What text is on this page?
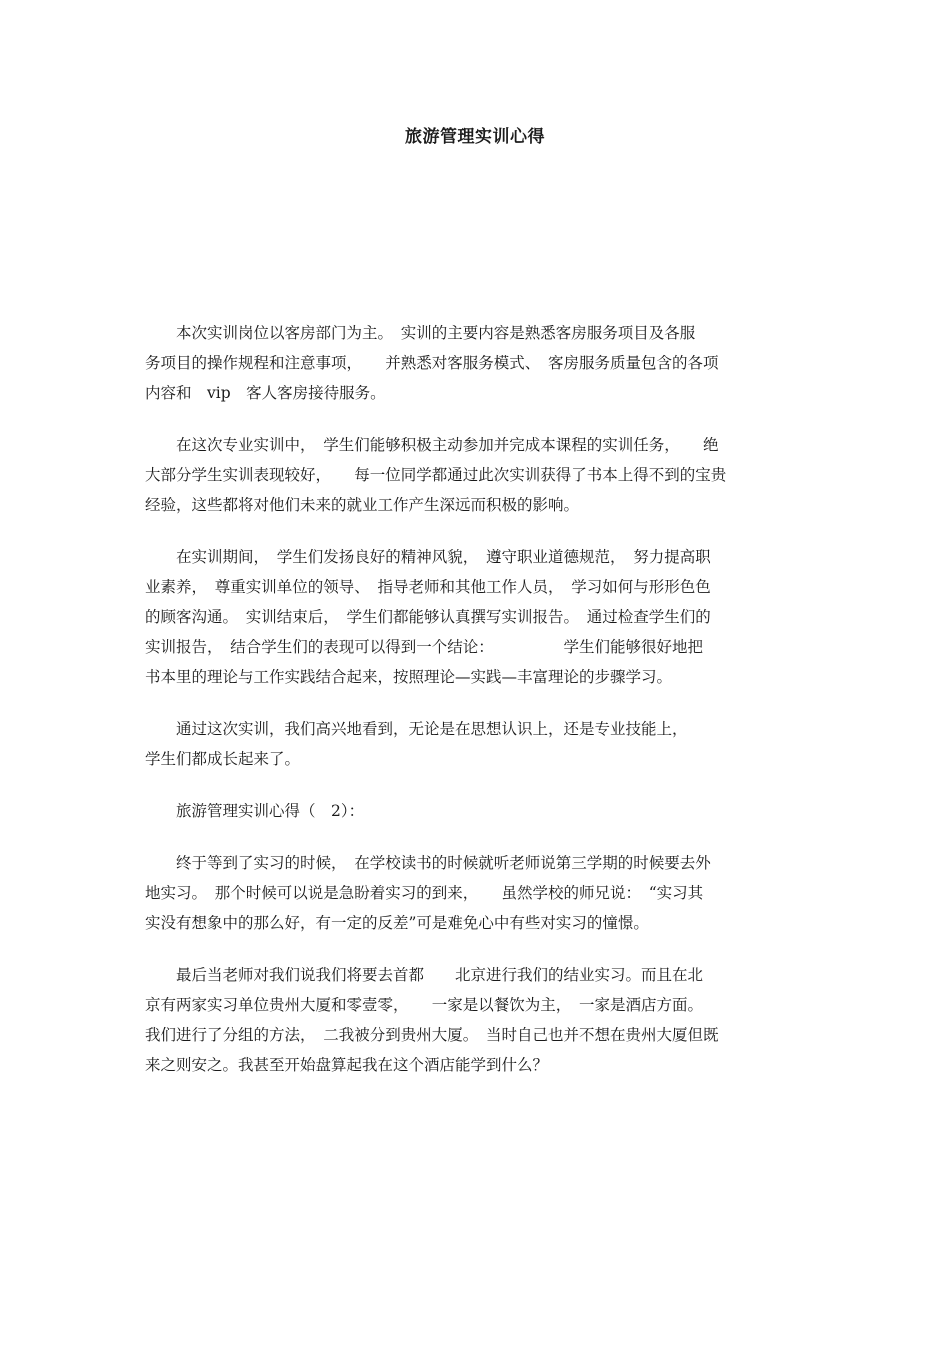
旅游管理实训心得
　　本次实训岗位以客房部门为主。　实训的主要内容是熟悉客房服务项目及各服
务项目的操作规程和注意事项，　　并熟悉对客服务模式、　客房服务质量包含的各项
内容和　vip　客人客房接待服务。
　　在这次专业实训中，　学生们能够积极主动参加并完成本课程的实训任务，　　绝
大部分学生实训表现较好，　　每一位同学都通过此次实训获得了书本上得不到的宝贵
经验，这些都将对他们未来的就业工作产生深远而积极的影响。
　　在实训期间，　学生们发扬良好的精神风貌，　遵守职业道德规范，　努力提高职
业素养，　尊重实训单位的领导、　指导老师和其他工作人员，　学习如何与形形色色
的顾客沟通。　实训结束后，　学生们都能够认真撰写实训报告。　通过检查学生们的
实训报告，　结合学生们的表现可以得到一个结论：　　　　　学生们能够很好地把
书本里的理论与工作实践结合起来，按照理论—实践—丰富理论的步骤学习。
　　通过这次实训，我们高兴地看到，无论是在思想认识上，还是专业技能上，
学生们都成长起来了。
　　旅游管理实训心得（　2）：
　　终于等到了实习的时候，　在学校读书的时候就听老师说第三学期的时候要去外
地实习。　那个时候可以说是急盼着实习的到来，　　虽然学校的师兄说：　“实习其
实没有想象中的那么好，有一定的反差”可是难免心中有些对实习的憧憬。
　　最后当老师对我们说我们将要去首都　　北京进行我们的结业实习。而且在北
京有两家实习单位贵州大厦和零壹零，　　一家是以餐饮为主，　一家是酒店方面。
我们进行了分组的方法，　二我被分到贵州大厦。　当时自己也并不想在贵州大厦但既
来之则安之。我甚至开始盘算起我在这个酒店能学到什么？
